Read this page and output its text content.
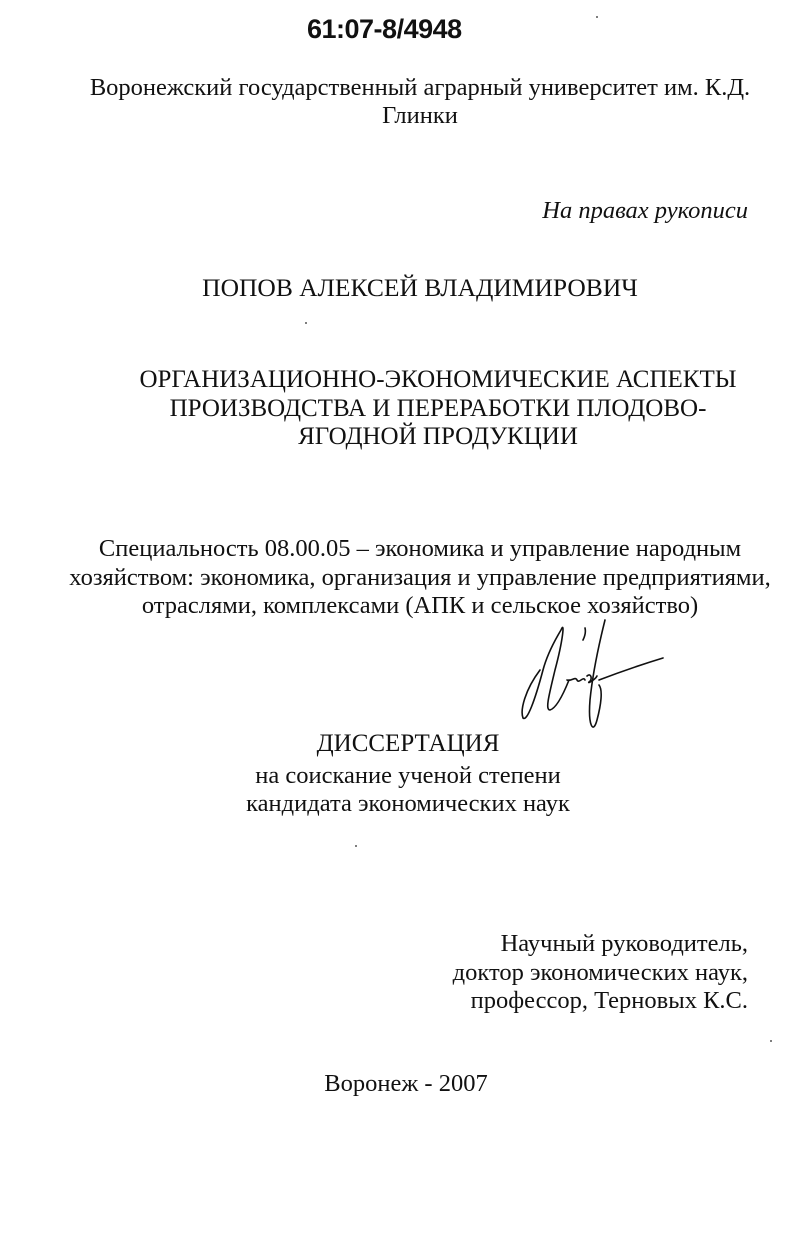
61:07-8/4948
Воронежский государственный аграрный университет им. К.Д.
Глинки
На правах рукописи
ПОПОВ АЛЕКСЕЙ ВЛАДИМИРОВИЧ
ОРГАНИЗАЦИОННО-ЭКОНОМИЧЕСКИЕ АСПЕКТЫ
ПРОИЗВОДСТВА И ПЕРЕРАБОТКИ ПЛОДОВО-
ЯГОДНОЙ ПРОДУКЦИИ
Специальность 08.00.05 – экономика и управление народным
хозяйством: экономика, организация и управление предприятиями,
отраслями, комплексами (АПК и сельское хозяйство)
ДИССЕРТАЦИЯ
на соискание ученой степени
кандидата экономических наук
Научный руководитель,
доктор экономических наук,
профессор, Терновых К.С.
Воронеж - 2007
